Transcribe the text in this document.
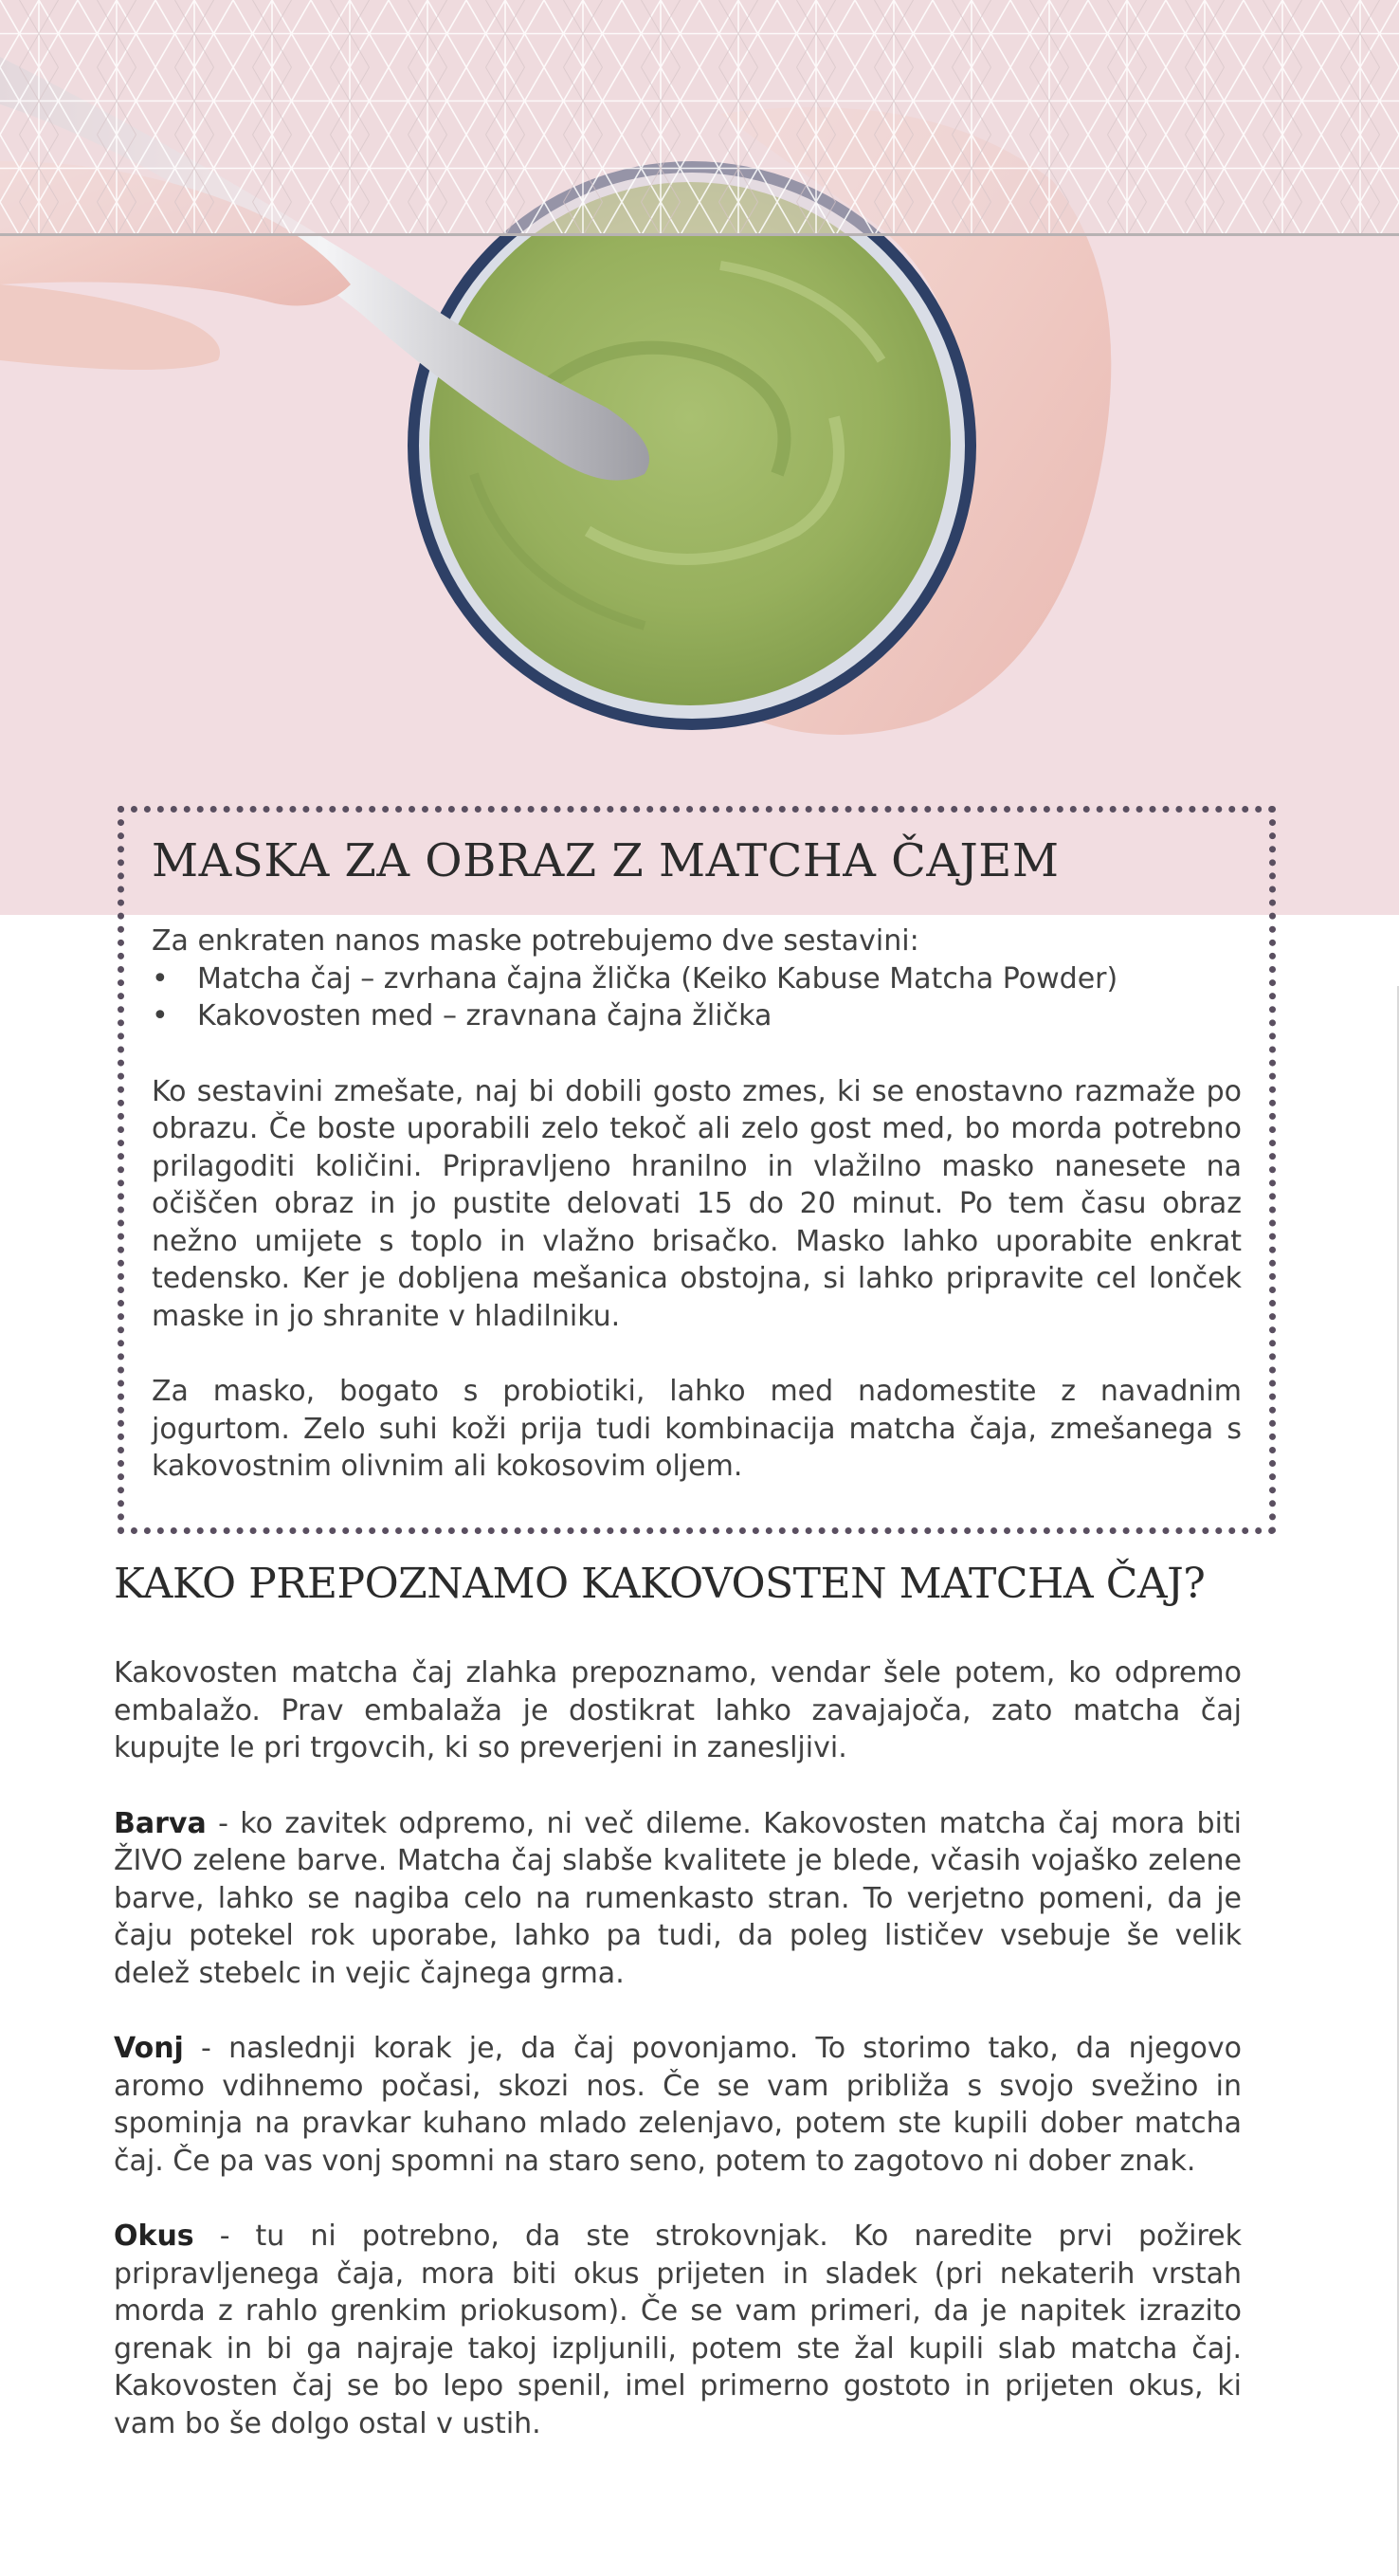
MASKA ZA OBRAZ Z MATCHA ČAJEM

Za enkraten nanos maske potrebujemo dve sestavini:

• Matcha čaj – zvrhana čajna žlička (Keiko Kabuse Matcha Powder)
• Kakovosten med – zravnana čajna žlička

Ko sestavini zmešate, naj bi dobili gosto zmes, ki se enostavno razmaže po obrazu. Če boste uporabili zelo tekoč ali zelo gost med, bo morda potrebno prilagoditi količini. Pripravljeno hranilno in vlažilno masko nanesete na očiščen obraz in jo pustite delovati 15 do 20 minut. Po tem času obraz nežno umijete s toplo in vlažno brisačko. Masko lahko uporabite enkrat tedensko. Ker je dobljena mešanica obstojna, si lahko pripravite cel lonček maske in jo shranite v hladilniku.

Za masko, bogato s probiotiki, lahko med nadomestite z navadnim jogurtom. Zelo suhi koži prija tudi kombinacija matcha čaja, zmešanega s kakovostnim olivnim ali kokosovim oljem.

KAKO PREPOZNAMO KAKOVOSTEN MATCHA ČAJ?

Kakovosten matcha čaj zlahka prepoznamo, vendar šele potem, ko odpremo embalažo. Prav embalaža je dostikrat lahko zavajajoča, zato matcha čaj kupujte le pri trgovcih, ki so preverjeni in zanesljivi.

Barva - ko zavitek odpremo, ni več dileme. Kakovosten matcha čaj mora biti ŽIVO zelene barve. Matcha čaj slabše kvalitete je blede, včasih vojaško zelene barve, lahko se nagiba celo na rumenkasto stran. To verjetno pomeni, da je čaju potekel rok uporabe, lahko pa tudi, da poleg lističev vsebuje še velik delež stebelc in vejic čajnega grma.

Vonj - naslednji korak je, da čaj povonjamo. To storimo tako, da njegovo aromo vdihnemo počasi, skozi nos. Če se vam približa s svojo svežino in spominja na pravkar kuhano mlado zelenjavo, potem ste kupili dober matcha čaj. Če pa vas vonj spomni na staro seno, potem to zagotovo ni dober znak.

Okus - tu ni potrebno, da ste strokovnjak. Ko naredite prvi požirek pripravljenega čaja, mora biti okus prijeten in sladek (pri nekaterih vrstah morda z rahlo grenkim priokusom). Če se vam primeri, da je napitek izrazito grenak in bi ga najraje takoj izpljunili, potem ste žal kupili slab matcha čaj. Kakovosten čaj se bo lepo spenil, imel primerno gostoto in prijeten okus, ki vam bo še dolgo ostal v ustih.
